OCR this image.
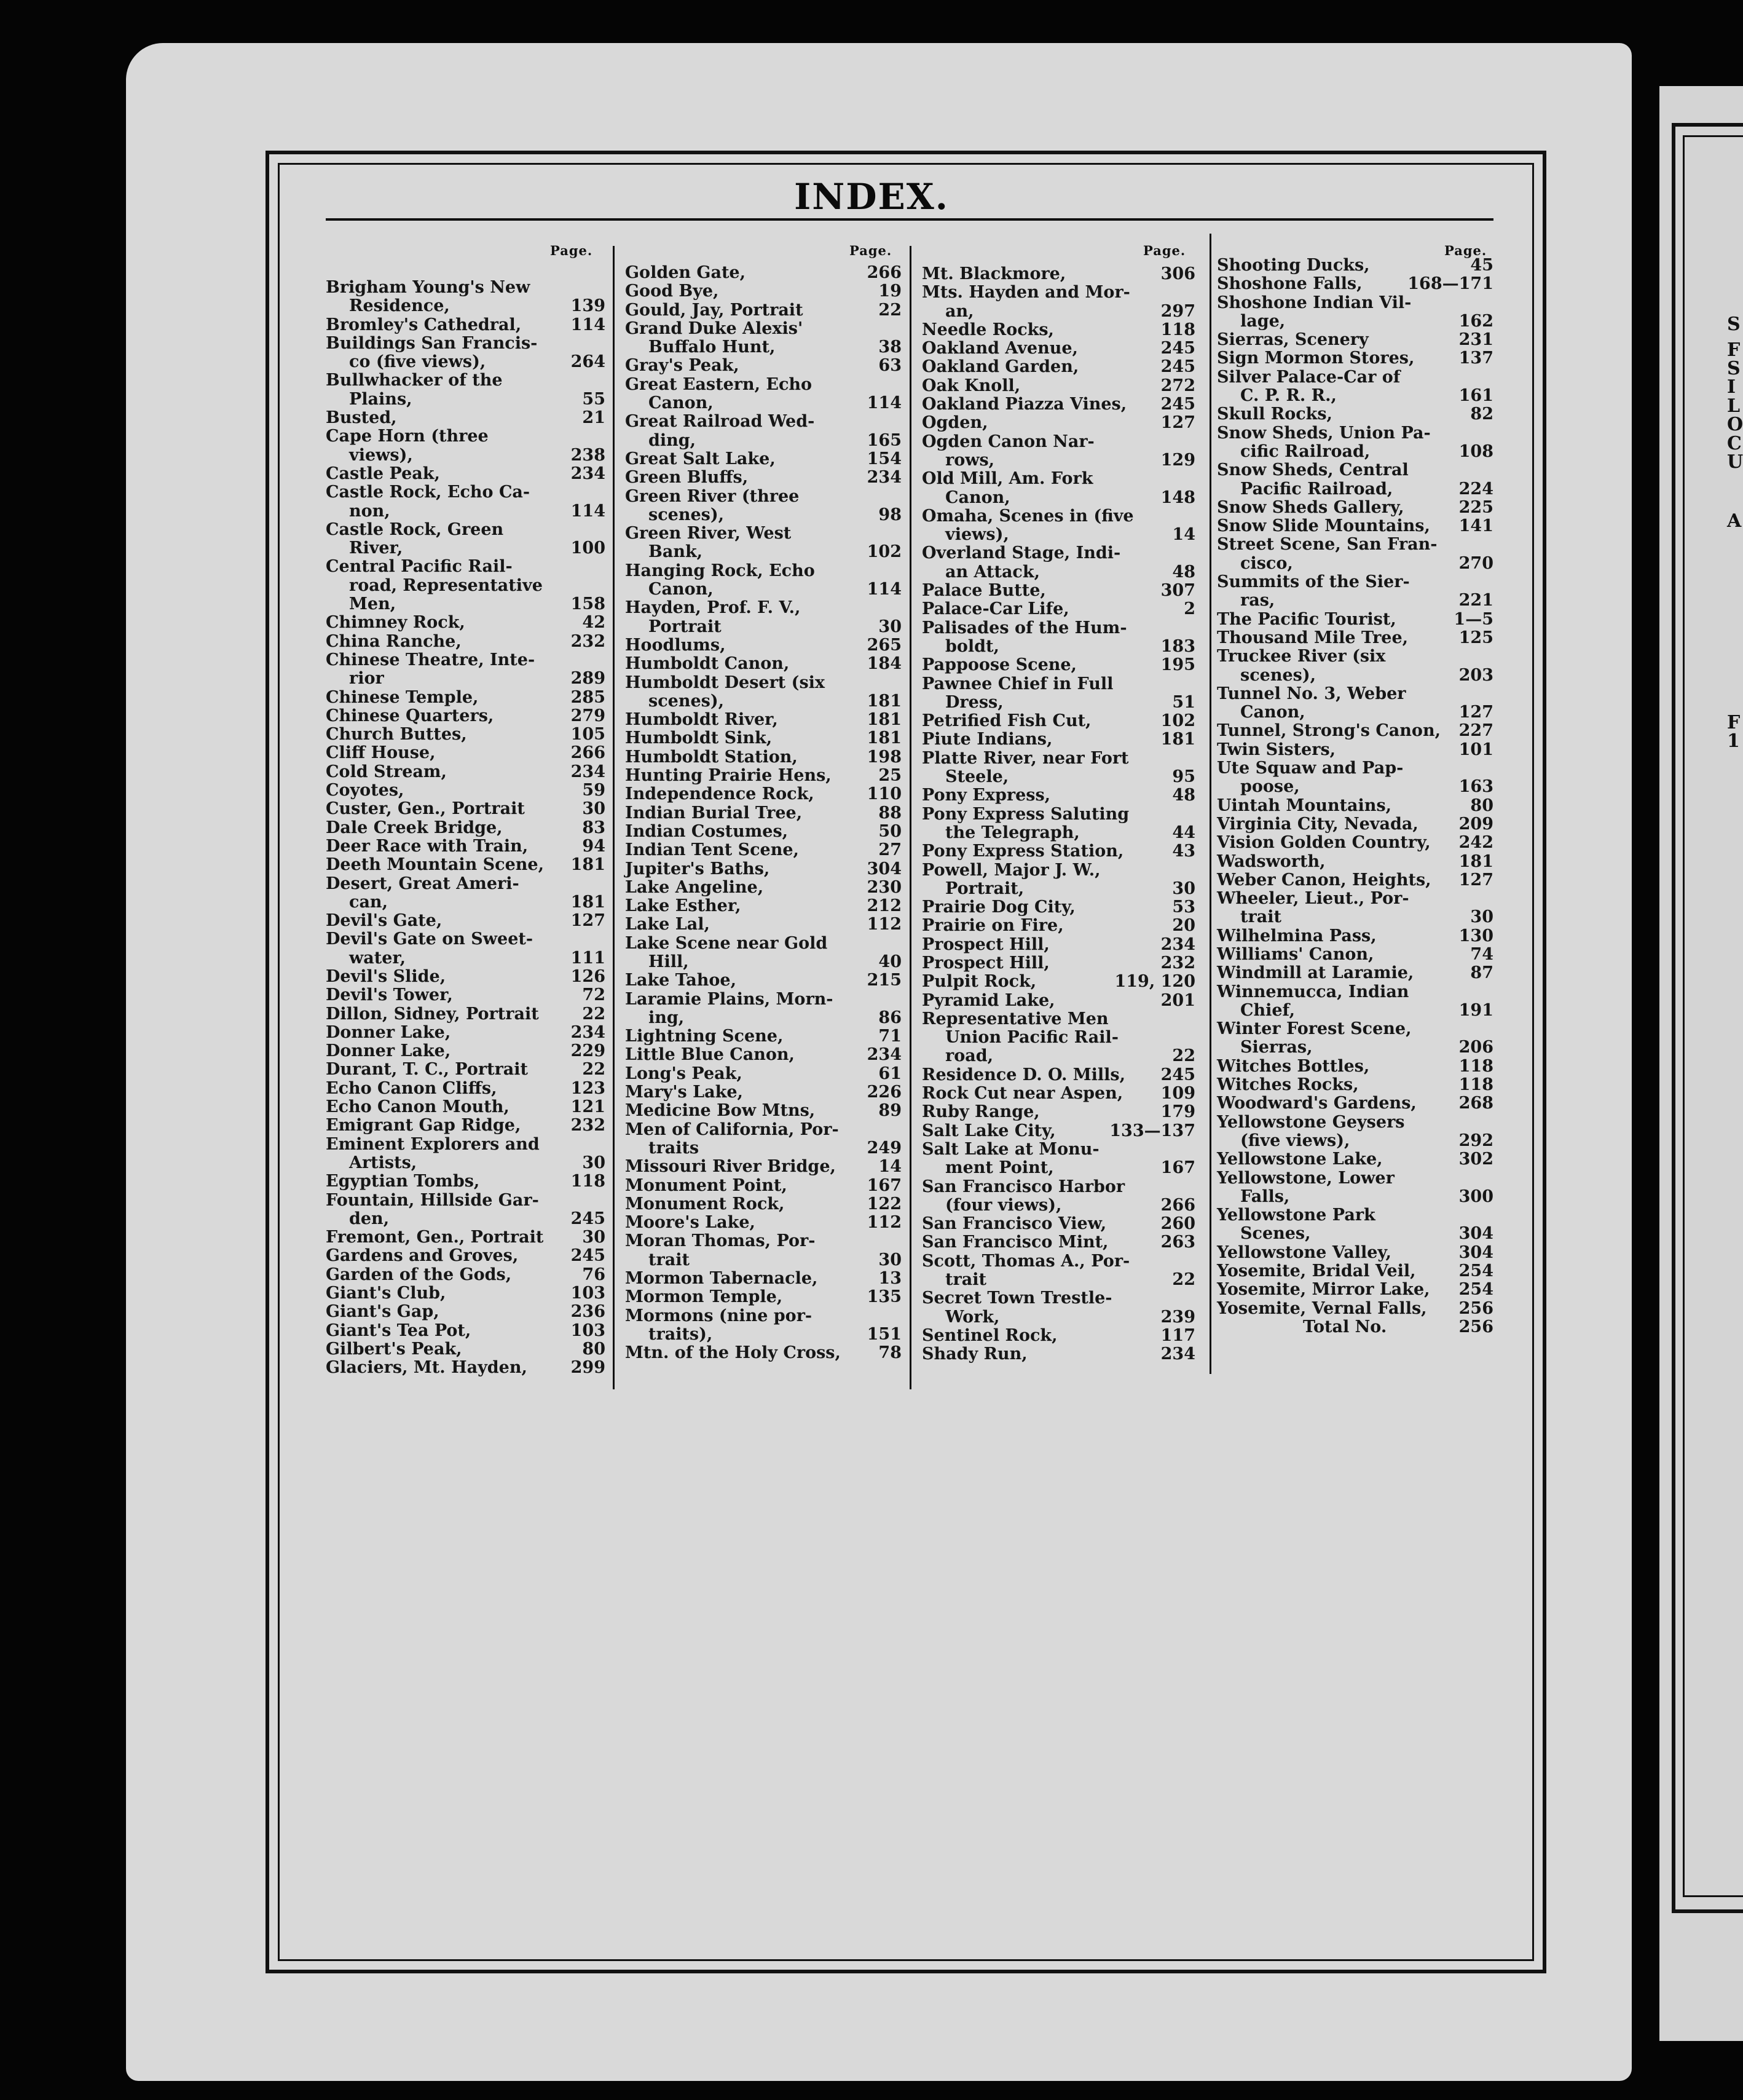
S
F
S
I
L
O
C
U
A
F
1
INDEX.
Page.
Brigham Young's New
Residence,	139
Bromley's Cathedral,	114
Buildings San Francis-
co (five views),	264
Bullwhacker of the
Plains,	55
Busted,	21
Cape Horn (three
views),	238
Castle Peak,	234
Castle Rock, Echo Ca-
non,	114
Castle Rock, Green
River,	100
Central Pacific Rail-
road, Representative
Men,	158
Chimney Rock,	42
China Ranche,	232
Chinese Theatre, Inte-
rior	289
Chinese Temple,	285
Chinese Quarters,	279
Church Buttes,	105
Cliff House,	266
Cold Stream,	234
Coyotes,	59
Custer, Gen., Portrait	30
Dale Creek Bridge,	83
Deer Race with Train,	94
Deeth Mountain Scene,	181
Desert, Great Ameri-
can,	181
Devil's Gate,	127
Devil's Gate on Sweet-
water,	111
Devil's Slide,	126
Devil's Tower,	72
Dillon, Sidney, Portrait	22
Donner Lake,	234
Donner Lake,	229
Durant, T. C., Portrait	22
Echo Canon Cliffs,	123
Echo Canon Mouth,	121
Emigrant Gap Ridge,	232
Eminent Explorers and
Artists,	30
Egyptian Tombs,	118
Fountain, Hillside Gar-
den,	245
Fremont, Gen., Portrait	30
Gardens and Groves,	245
Garden of the Gods,	76
Giant's Club,	103
Giant's Gap,	236
Giant's Tea Pot,	103
Gilbert's Peak,	80
Glaciers, Mt. Hayden,	299
Page.
Golden Gate,	266
Good Bye,	19
Gould, Jay, Portrait	22
Grand Duke Alexis'
Buffalo Hunt,	38
Gray's Peak,	63
Great Eastern, Echo
Canon,	114
Great Railroad Wed-
ding,	165
Great Salt Lake,	154
Green Bluffs,	234
Green River (three
scenes),	98
Green River, West
Bank,	102
Hanging Rock, Echo
Canon,	114
Hayden, Prof. F. V.,
Portrait	30
Hoodlums,	265
Humboldt Canon,	184
Humboldt Desert (six
scenes),	181
Humboldt River,	181
Humboldt Sink,	181
Humboldt Station,	198
Hunting Prairie Hens,	25
Independence Rock,	110
Indian Burial Tree,	88
Indian Costumes,	50
Indian Tent Scene,	27
Jupiter's Baths,	304
Lake Angeline,	230
Lake Esther,	212
Lake Lal,	112
Lake Scene near Gold
Hill,	40
Lake Tahoe,	215
Laramie Plains, Morn-
ing,	86
Lightning Scene,	71
Little Blue Canon,	234
Long's Peak,	61
Mary's Lake,	226
Medicine Bow Mtns,	89
Men of California, Por-
traits	249
Missouri River Bridge,	14
Monument Point,	167
Monument Rock,	122
Moore's Lake,	112
Moran Thomas, Por-
trait	30
Mormon Tabernacle,	13
Mormon Temple,	135
Mormons (nine por-
traits),	151
Mtn. of the Holy Cross,	78
Page.
Mt. Blackmore,	306
Mts. Hayden and Mor-
an,	297
Needle Rocks,	118
Oakland Avenue,	245
Oakland Garden,	245
Oak Knoll,	272
Oakland Piazza Vines,	245
Ogden,	127
Ogden Canon Nar-
rows,	129
Old Mill, Am. Fork
Canon,	148
Omaha, Scenes in (five
views),	14
Overland Stage, Indi-
an Attack,	48
Palace Butte,	307
Palace-Car Life,	2
Palisades of the Hum-
boldt,	183
Pappoose Scene,	195
Pawnee Chief in Full
Dress,	51
Petrified Fish Cut,	102
Piute Indians,	181
Platte River, near Fort
Steele,	95
Pony Express,	48
Pony Express Saluting
the Telegraph,	44
Pony Express Station,	43
Powell, Major J. W.,
Portrait,	30
Prairie Dog City,	53
Prairie on Fire,	20
Prospect Hill,	234
Prospect Hill,	232
Pulpit Rock,	119, 120
Pyramid Lake,	201
Representative Men
Union Pacific Rail-
road,	22
Residence D. O. Mills,	245
Rock Cut near Aspen,	109
Ruby Range,	179
Salt Lake City,	133—137
Salt Lake at Monu-
ment Point,	167
San Francisco Harbor
(four views),	266
San Francisco View,	260
San Francisco Mint,	263
Scott, Thomas A., Por-
trait	22
Secret Town Trestle-
Work,	239
Sentinel Rock,	117
Shady Run,	234
Page.
Shooting Ducks,	45
Shoshone Falls,	168—171
Shoshone Indian Vil-
lage,	162
Sierras, Scenery	231
Sign Mormon Stores,	137
Silver Palace-Car of
C. P. R. R.,	161
Skull Rocks,	82
Snow Sheds, Union Pa-
cific Railroad,	108
Snow Sheds, Central
Pacific Railroad,	224
Snow Sheds Gallery,	225
Snow Slide Mountains,	141
Street Scene, San Fran-
cisco,	270
Summits of the Sier-
ras,	221
The Pacific Tourist,	1—5
Thousand Mile Tree,	125
Truckee River (six
scenes),	203
Tunnel No. 3, Weber
Canon,	127
Tunnel, Strong's Canon,	227
Twin Sisters,	101
Ute Squaw and Pap-
poose,	163
Uintah Mountains,	80
Virginia City, Nevada,	209
Vision Golden Country,	242
Wadsworth,	181
Weber Canon, Heights,	127
Wheeler, Lieut., Por-
trait	30
Wilhelmina Pass,	130
Williams' Canon,	74
Windmill at Laramie,	87
Winnemucca, Indian
Chief,	191
Winter Forest Scene,
Sierras,	206
Witches Bottles,	118
Witches Rocks,	118
Woodward's Gardens,	268
Yellowstone Geysers
(five views),	292
Yellowstone Lake,	302
Yellowstone, Lower
Falls,	300
Yellowstone Park
Scenes,	304
Yellowstone Valley,	304
Yosemite, Bridal Veil,	254
Yosemite, Mirror Lake,	254
Yosemite, Vernal Falls,	256
Total No.	256
